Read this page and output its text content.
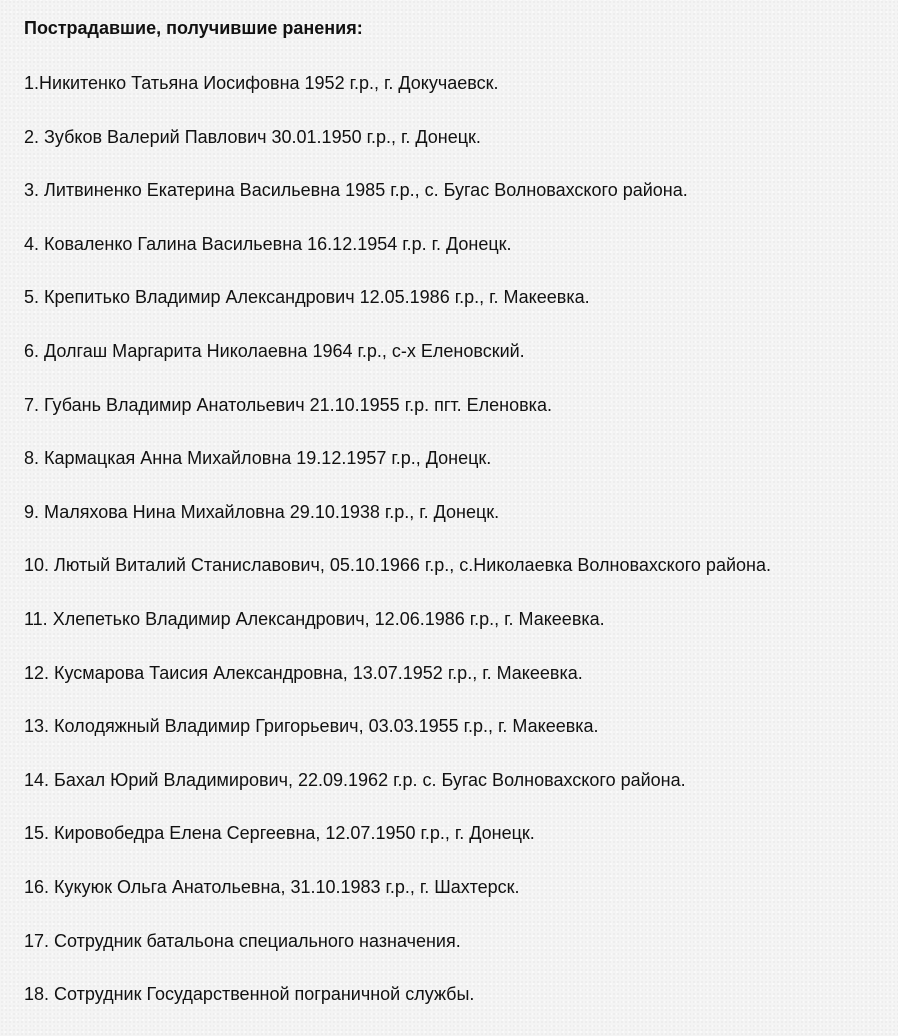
Пострадавшие, получившие ранения:
1.Никитенко Татьяна Иосифовна 1952 г.р., г. Докучаевск.
2. Зубков Валерий Павлович 30.01.1950 г.р., г. Донецк.
3. Литвиненко Екатерина Васильевна 1985 г.р., с. Бугас Волновахского района.
4. Коваленко Галина Васильевна 16.12.1954 г.р. г. Донецк.
5. Крепитько Владимир Александрович 12.05.1986 г.р., г. Макеевка.
6. Долгаш Маргарита Николаевна 1964 г.р., с-х Еленовский.
7. Губань Владимир Анатольевич 21.10.1955 г.р. пгт. Еленовка.
8. Кармацкая Анна Михайловна 19.12.1957 г.р., Донецк.
9. Маляхова Нина Михайловна 29.10.1938 г.р., г. Донецк.
10. Лютый Виталий Станиславович, 05.10.1966 г.р., с.Николаевка Волновахского района.
11. Хлепетько Владимир Александрович, 12.06.1986 г.р., г. Макеевка.
12. Кусмарова Таисия Александровна, 13.07.1952 г.р., г. Макеевка.
13. Колодяжный Владимир Григорьевич, 03.03.1955 г.р., г. Макеевка.
14. Бахал Юрий Владимирович, 22.09.1962 г.р. с. Бугас Волновахского района.
15. Кировобедра Елена Сергеевна, 12.07.1950 г.р., г. Донецк.
16. Кукуюк Ольга Анатольевна, 31.10.1983 г.р., г. Шахтерск.
17. Сотрудник батальона специального назначения.
18. Сотрудник Государственной пограничной службы.
